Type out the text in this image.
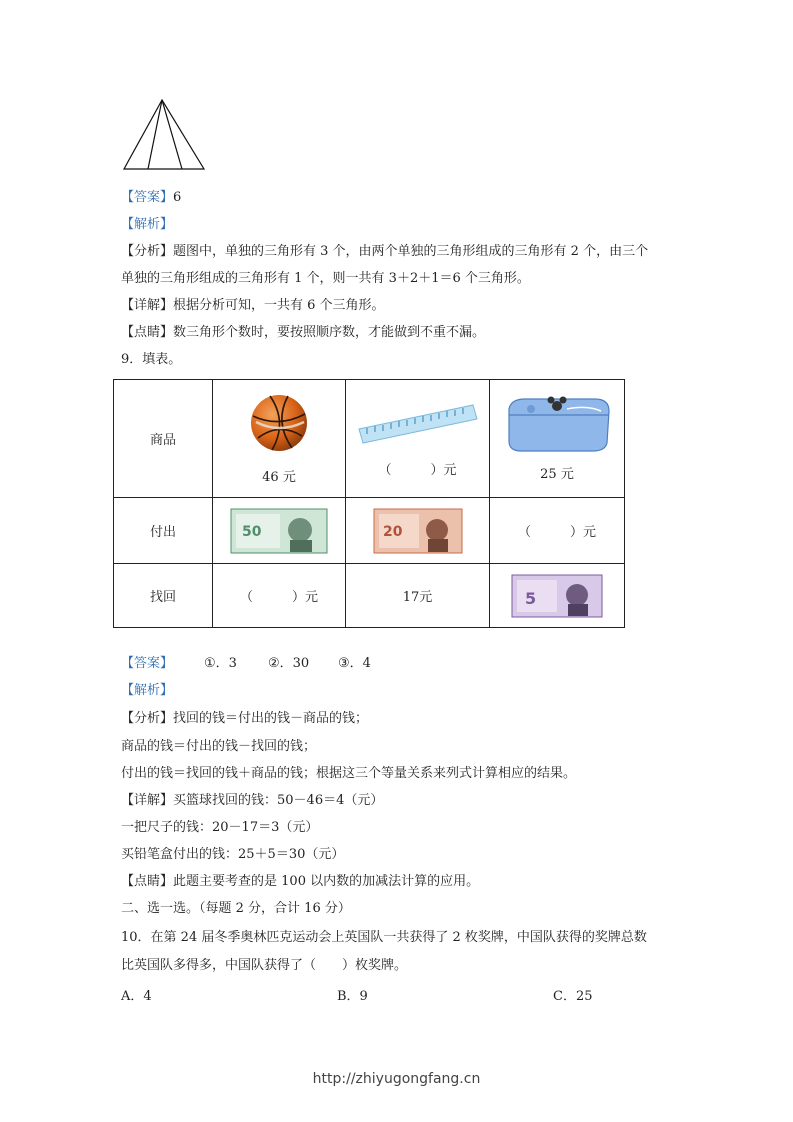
【答案】6
【解析】
【分析】题图中，单独的三角形有 3 个，由两个单独的三角形组成的三角形有 2 个，由三个
单独的三角形组成的三角形有 1 个，则一共有 3＋2＋1＝6 个三角形。
【详解】根据分析可知，一共有 6 个三角形。
【点睛】数三角形个数时，要按照顺序数，才能做到不重不漏。
9．填表。
商品	46 元	（　　　）元	25 元

付出	50	20	（　　　）元
找回	（　　　）元	17元	5
【答案】 ①．3 ②．30 ③．4
【解析】
【分析】找回的钱＝付出的钱－商品的钱；
商品的钱＝付出的钱－找回的钱；
付出的钱＝找回的钱＋商品的钱；根据这三个等量关系来列式计算相应的结果。
【详解】买篮球找回的钱：50－46＝4（元）
一把尺子的钱：20－17＝3（元）
买铅笔盒付出的钱：25＋5＝30（元）
【点睛】此题主要考查的是 100 以内数的加减法计算的应用。
二、选一选。（每题 2 分，合计 16 分）
10．在第 24 届冬季奥林匹克运动会上英国队一共获得了 2 枚奖牌，中国队获得的奖牌总数
比英国队多得多，中国队获得了（　　）枚奖牌。
A．4	B．9	C．25
http://zhiyugongfang.cn
